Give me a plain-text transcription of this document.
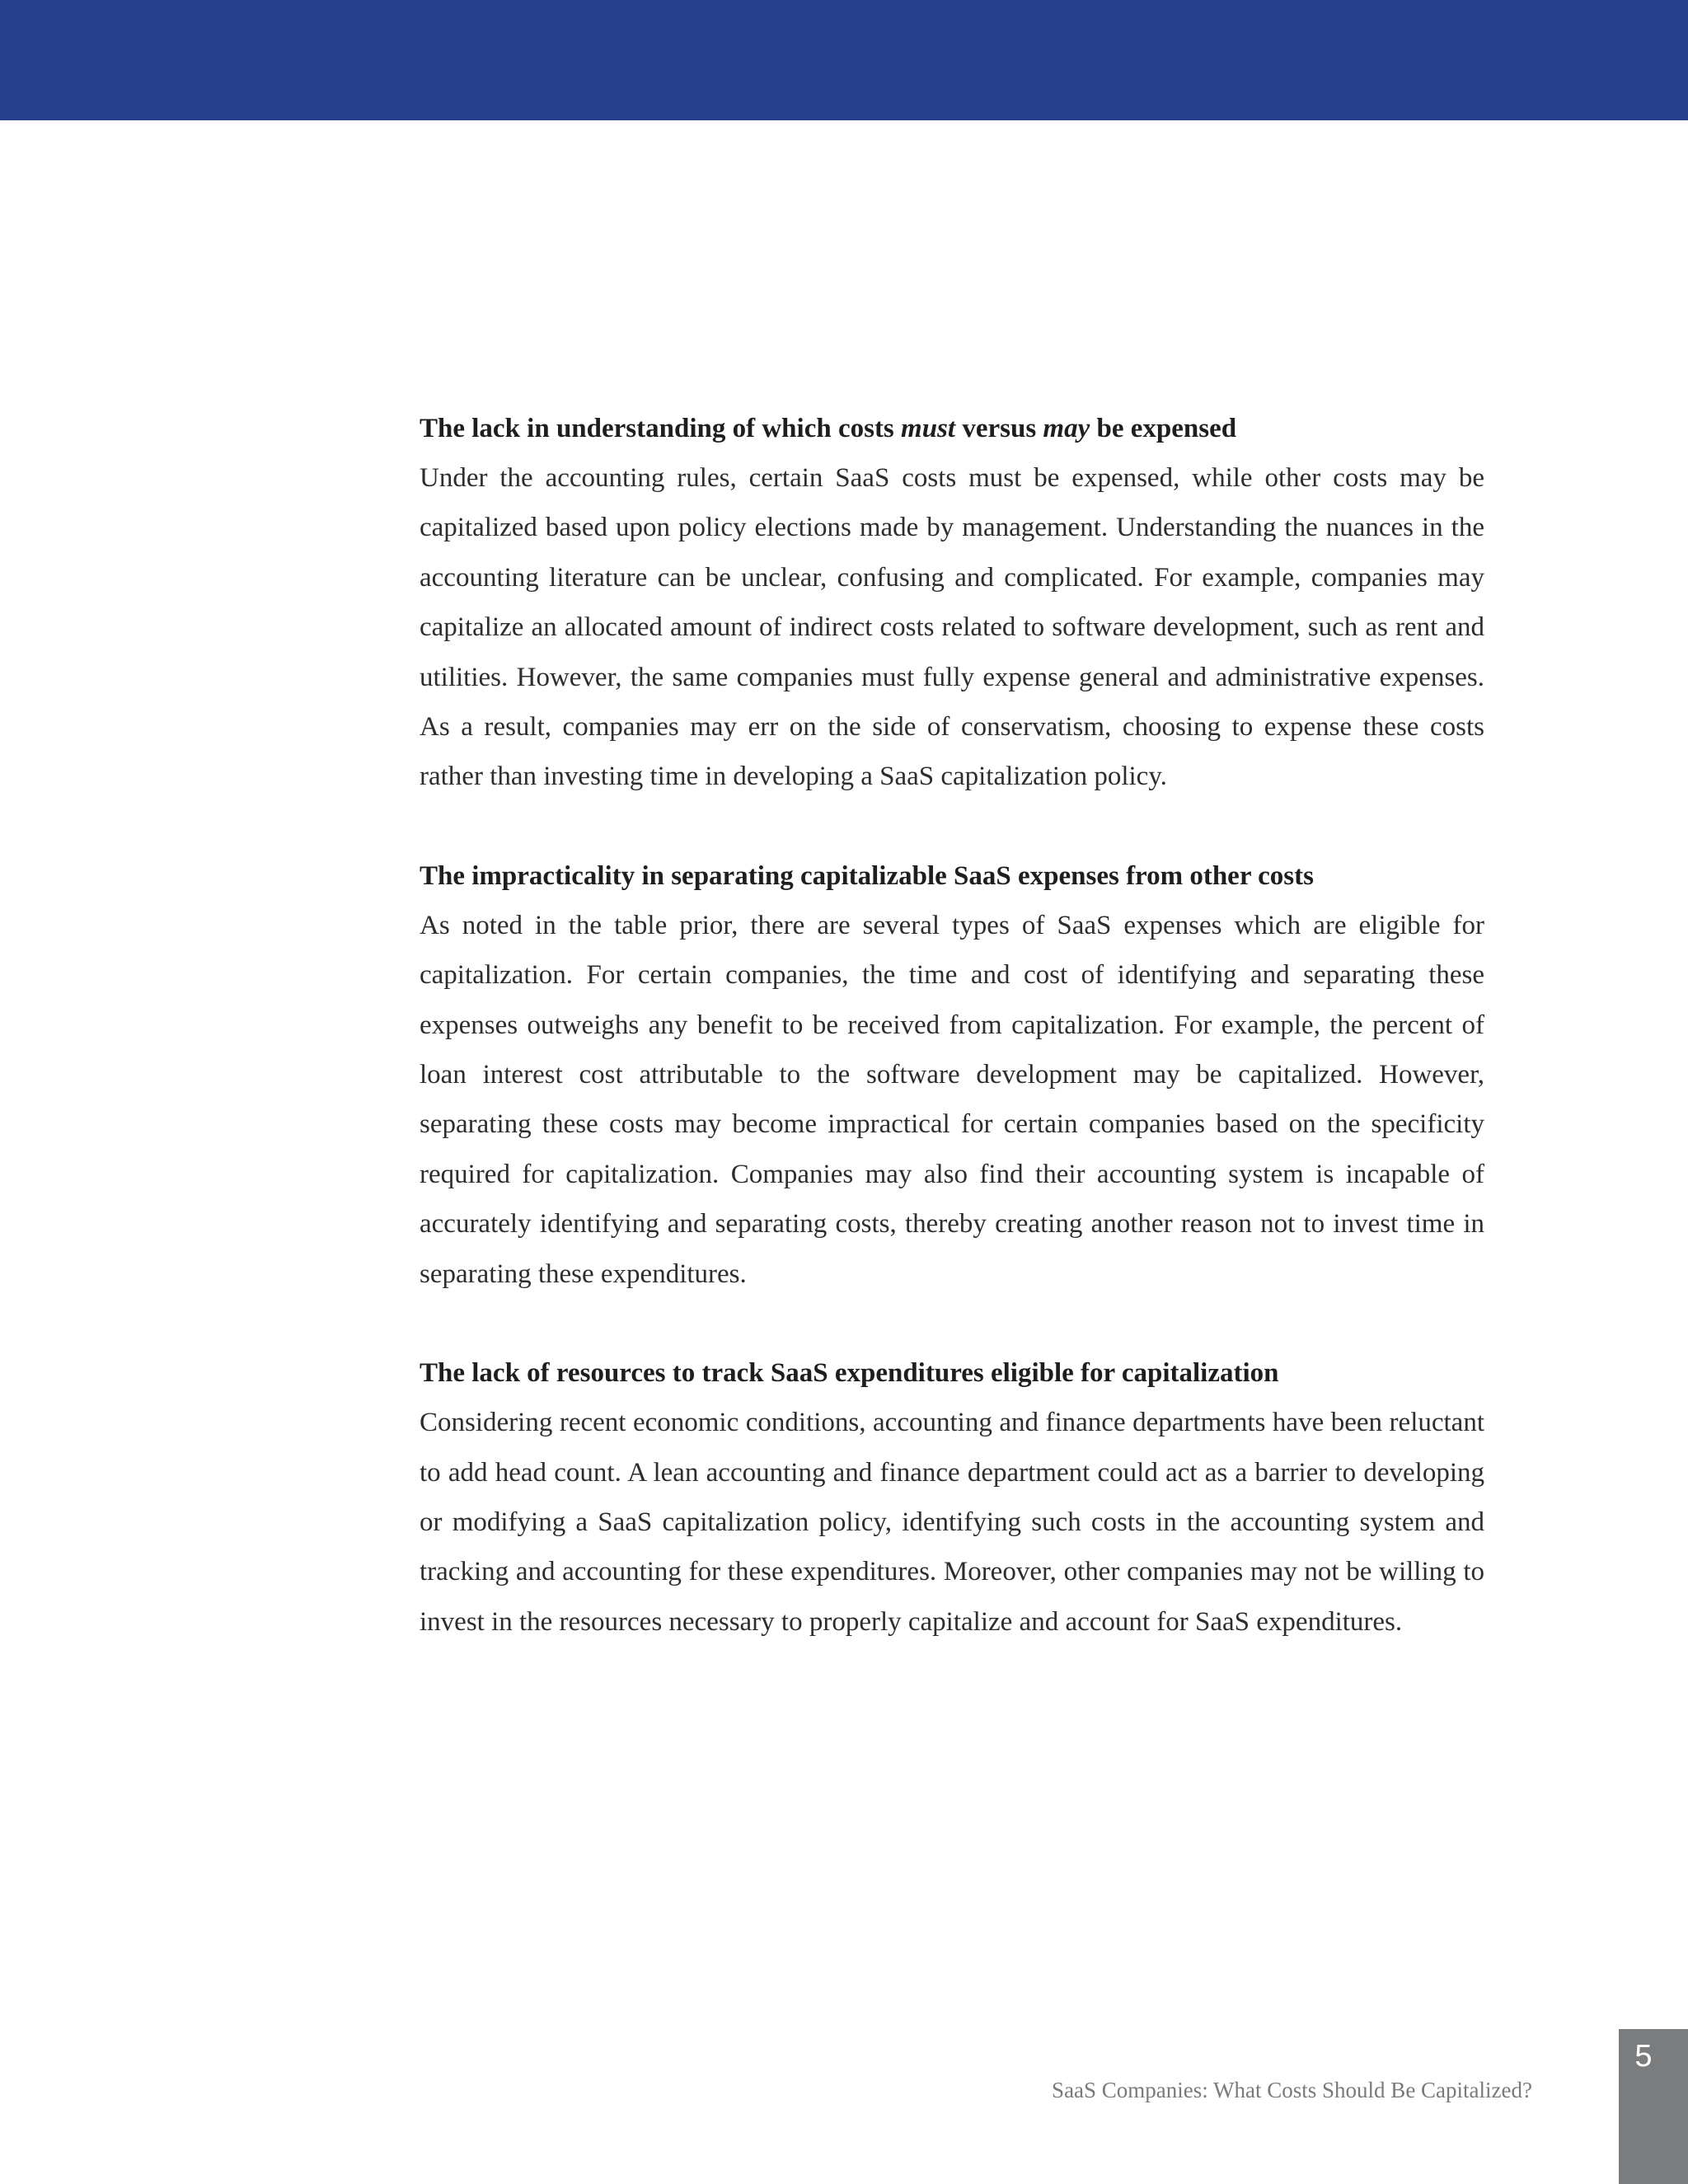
The lack in understanding of which costs must versus may be expensed

Under the accounting rules, certain SaaS costs must be expensed, while other costs may be capitalized based upon policy elections made by management. Understanding the nuances in the accounting literature can be unclear, confusing and complicated. For example, companies may capitalize an allocated amount of indirect costs related to software development, such as rent and utilities. However, the same companies must fully expense general and administrative expenses. As a result, companies may err on the side of conservatism, choosing to expense these costs rather than investing time in developing a SaaS capitalization policy.

The impracticality in separating capitalizable SaaS expenses from other costs

As noted in the table prior, there are several types of SaaS expenses which are eligible for capitalization. For certain companies, the time and cost of identifying and separating these expenses outweighs any benefit to be received from capitalization. For example, the percent of loan interest cost attributable to the software development may be capitalized. However, separating these costs may become impractical for certain companies based on the specificity required for capitalization. Companies may also find their accounting system is incapable of accurately identifying and separating costs, thereby creating another reason not to invest time in separating these expenditures.

The lack of resources to track SaaS expenditures eligible for capitalization

Considering recent economic conditions, accounting and finance departments have been reluctant to add head count. A lean accounting and finance department could act as a barrier to developing or modifying a SaaS capitalization policy, identifying such costs in the accounting system and tracking and accounting for these expenditures. Moreover, other companies may not be willing to invest in the resources necessary to properly capitalize and account for SaaS expenditures.

SaaS Companies: What Costs Should Be Capitalized?
5
